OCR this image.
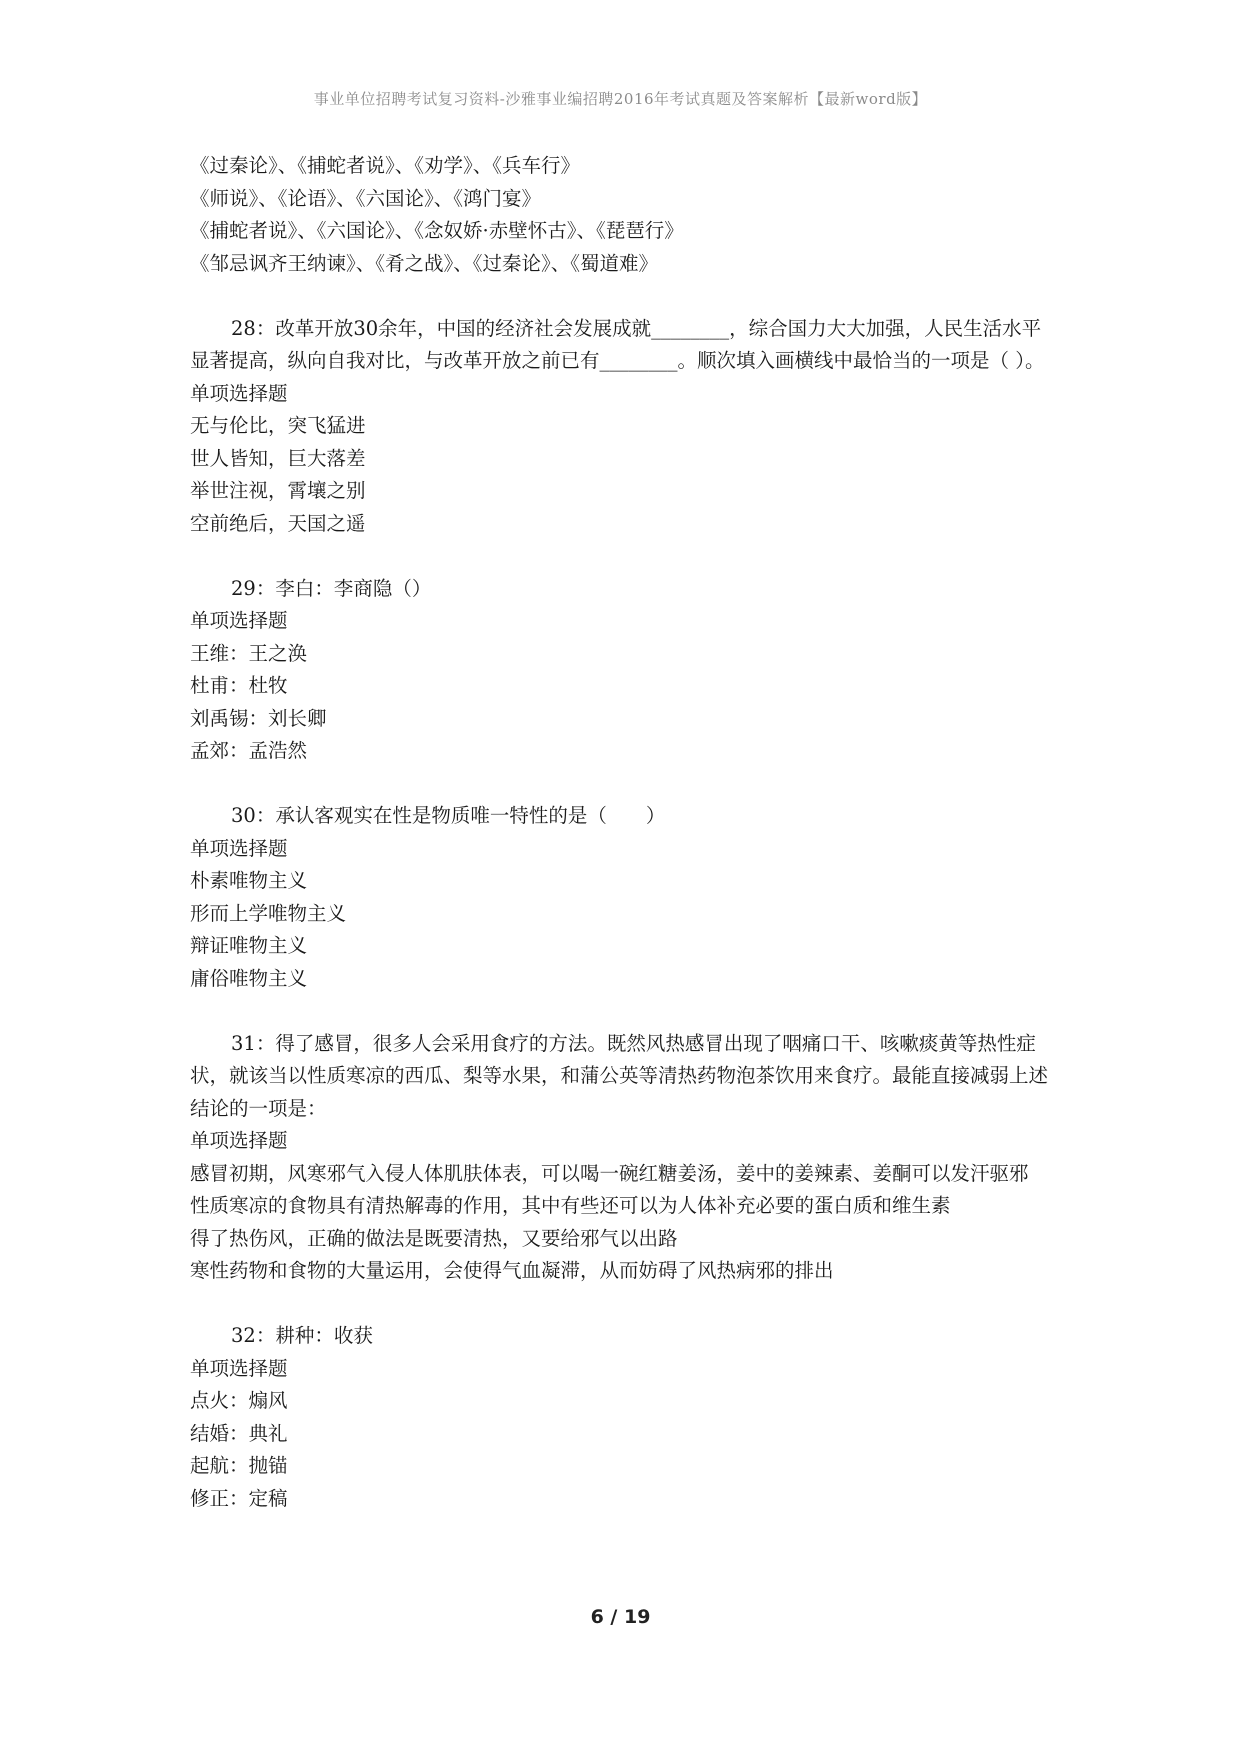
事业单位招聘考试复习资料-沙雅事业编招聘2016年考试真题及答案解析【最新word版】
《过秦论》、《捕蛇者说》、《劝学》、《兵车行》
《师说》、《论语》、《六国论》、《鸿门宴》
《捕蛇者说》、《六国论》、《念奴娇·赤壁怀古》、《琵琶行》
《邹忌讽齐王纳谏》、《肴之战》、《过秦论》、《蜀道难》
28：改革开放30余年，中国的经济社会发展成就________，综合国力大大加强，人民生活水平显著提高，纵向自我对比，与改革开放之前已有________。顺次填入画横线中最恰当的一项是（ ）。
单项选择题
无与伦比，突飞猛进
世人皆知，巨大落差
举世注视，霄壤之别
空前绝后，天国之遥
29：李白：李商隐（）
单项选择题
王维：王之涣
杜甫：杜牧
刘禹锡：刘长卿
孟郊：孟浩然
30：承认客观实在性是物质唯一特性的是（　　）
单项选择题
朴素唯物主义
形而上学唯物主义
辩证唯物主义
庸俗唯物主义
31：得了感冒，很多人会采用食疗的方法。既然风热感冒出现了咽痛口干、咳嗽痰黄等热性症状，就该当以性质寒凉的西瓜、梨等水果，和蒲公英等清热药物泡茶饮用来食疗。最能直接减弱上述结论的一项是：
单项选择题
感冒初期，风寒邪气入侵人体肌肤体表，可以喝一碗红糖姜汤，姜中的姜辣素、姜酮可以发汗驱邪
性质寒凉的食物具有清热解毒的作用，其中有些还可以为人体补充必要的蛋白质和维生素
得了热伤风，正确的做法是既要清热，又要给邪气以出路
寒性药物和食物的大量运用，会使得气血凝滞，从而妨碍了风热病邪的排出
32：耕种：收获
单项选择题
点火：煽风
结婚：典礼
起航：抛锚
修正：定稿
6 / 19
